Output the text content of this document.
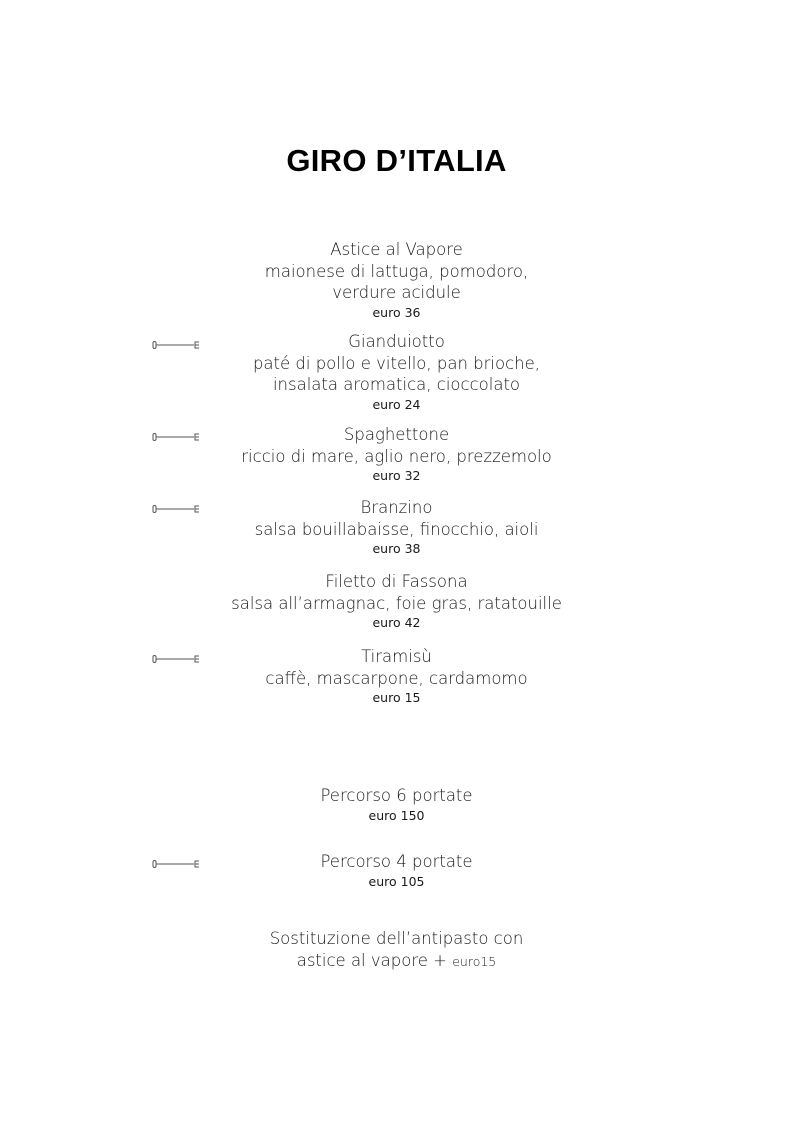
GIRO D’ITALIA
Astice al Vapore
maionese di lattuga, pomodoro,
verdure acidule
euro 36
Gianduiotto
paté di pollo e vitello, pan brioche,
insalata aromatica, cioccolato
euro 24
Spaghettone
riccio di mare, aglio nero, prezzemolo
euro 32
Branzino
salsa bouillabaisse, finocchio, aioli
euro 38
Filetto di Fassona
salsa all’armagnac, foie gras, ratatouille
euro 42
Tiramisù
caffè, mascarpone, cardamomo
euro 15
Percorso 6 portate
euro 150
Percorso 4 portate
euro 105
Sostituzione dell’antipasto con
astice al vapore + euro15
